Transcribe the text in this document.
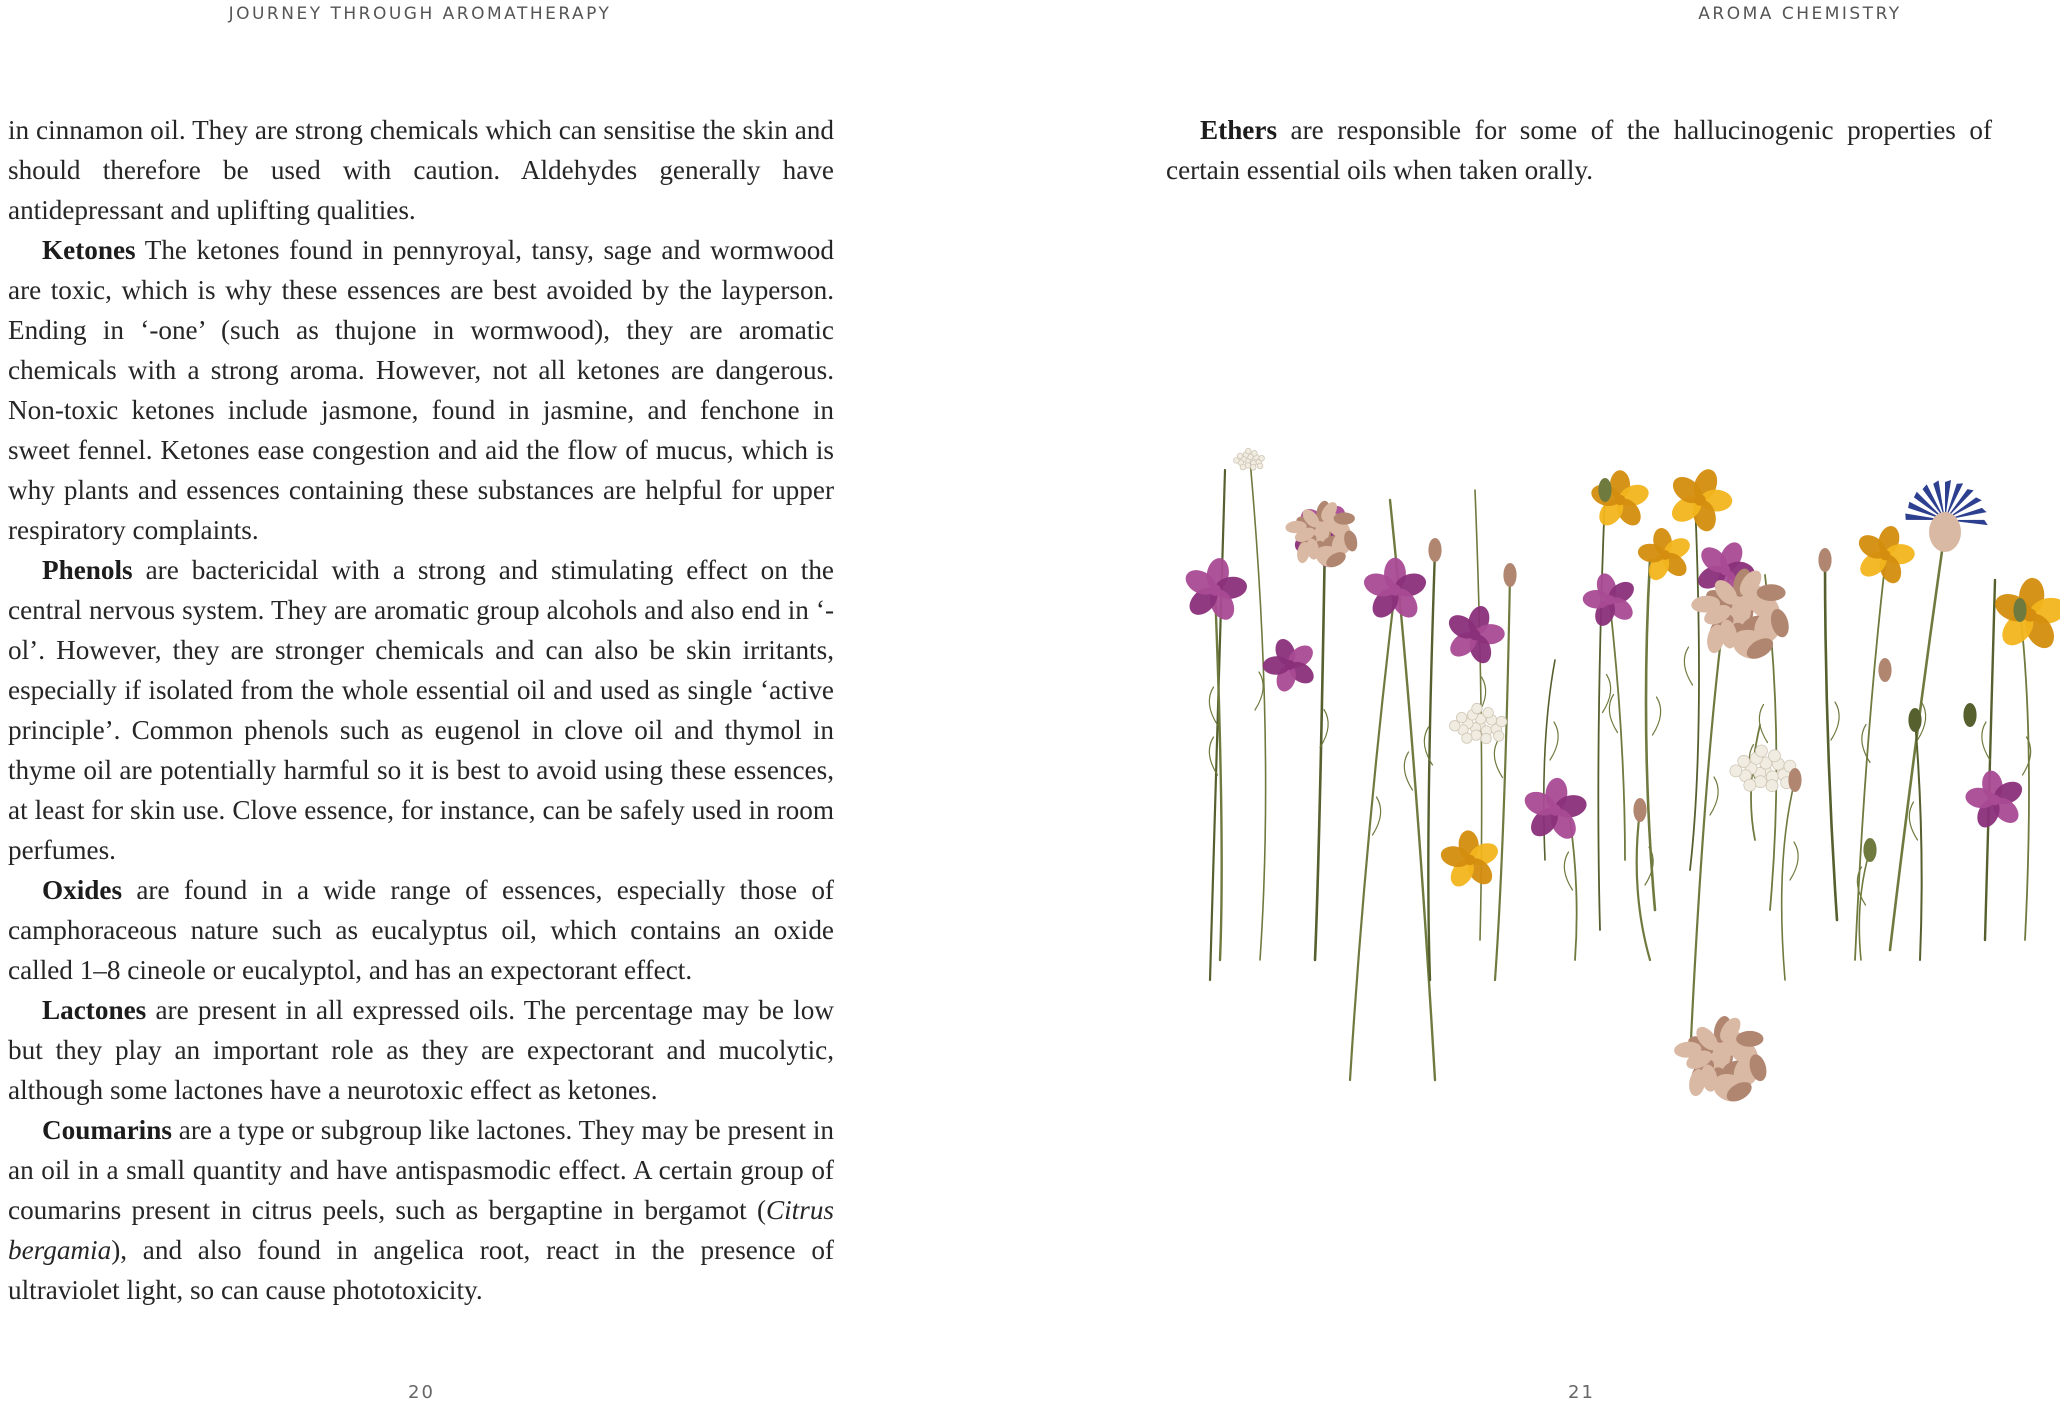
JOURNEY THROUGH AROMATHERAPY

in cinnamon oil. They are strong chemicals which can sensitise the skin and should therefore be used with caution. Aldehydes generally have antidepressant and uplifting qualities.

Ketones The ketones found in pennyroyal, tansy, sage and wormwood are toxic, which is why these essences are best avoided by the layperson. Ending in ‘-one’ (such as thujone in wormwood), they are aromatic chemicals with a strong aroma. However, not all ketones are dangerous. Non-toxic ketones include jasmone, found in jasmine, and fenchone in sweet fennel. Ketones ease congestion and aid the flow of mucus, which is why plants and essences containing these substances are helpful for upper respiratory complaints.

Phenols are bactericidal with a strong and stimulating effect on the central nervous system. They are aromatic group alcohols and also end in ‘-ol’. However, they are stronger chemicals and can also be skin irritants, especially if isolated from the whole essential oil and used as single ‘active principle’. Common phenols such as eugenol in clove oil and thymol in thyme oil are potentially harmful so it is best to avoid using these essences, at least for skin use. Clove essence, for instance, can be safely used in room perfumes.

Oxides are found in a wide range of essences, especially those of camphoraceous nature such as eucalyptus oil, which contains an oxide called 1–8 cineole or eucalyptol, and has an expectorant effect.

Lactones are present in all expressed oils. The percentage may be low but they play an important role as they are expectorant and mucolytic, although some lactones have a neurotoxic effect as ketones.

Coumarins are a type or subgroup like lactones. They may be present in an oil in a small quantity and have antispasmodic effect. A certain group of coumarins present in citrus peels, such as bergaptine in bergamot (Citrus bergamia), and also found in angelica root, react in the presence of ultraviolet light, so can cause phototoxicity.

20
AROMA CHEMISTRY

Ethers are responsible for some of the hallucinogenic properties of certain essential oils when taken orally.

21
